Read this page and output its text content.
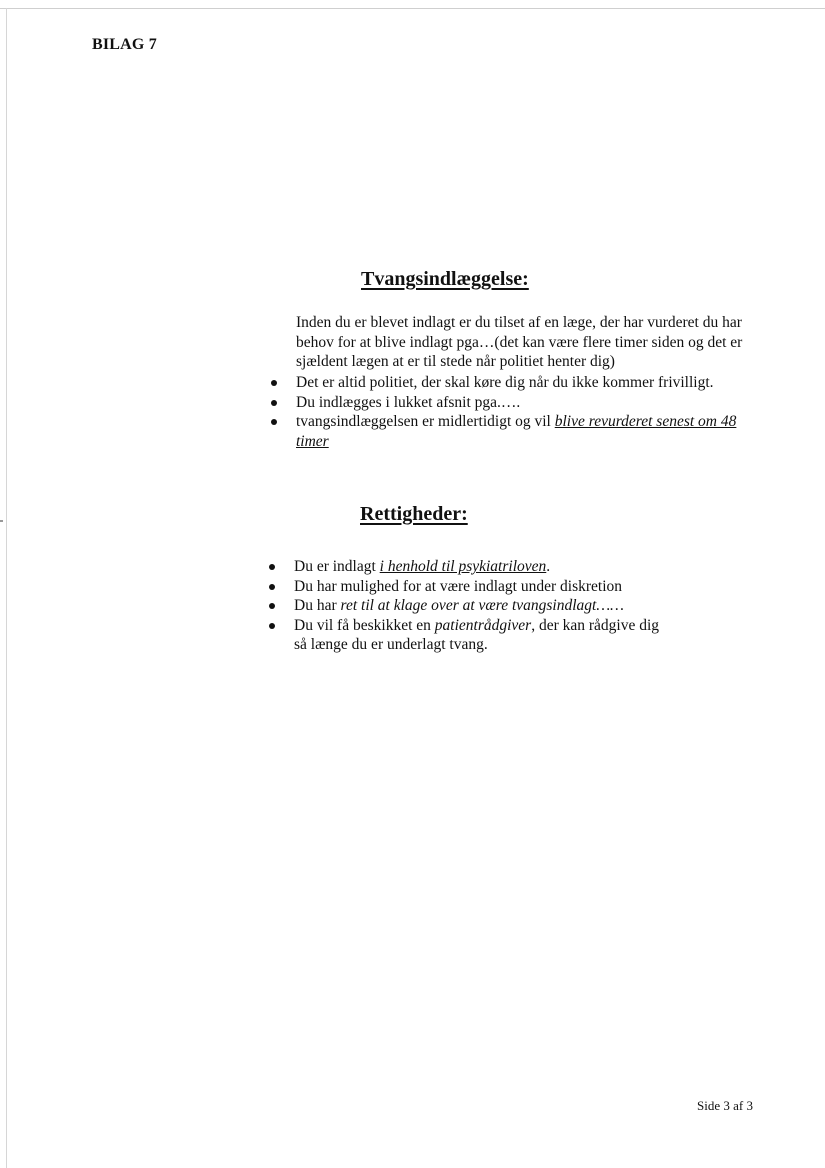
BILAG 7
Tvangsindlæggelse:

Inden du er blevet indlagt er du tilset af en læge, der har vurderet du har behov for at blive indlagt pga…(det kan være flere timer siden og det er sjældent lægen at er til stede når politiet henter dig)

Det er altid politiet, der skal køre dig når du ikke kommer frivilligt.
Du indlægges i lukket afsnit pga.….
tvangsindlæggelsen er midlertidigt og vil blive revurderet senest om 48 timer
Rettigheder:
Du er indlagt i henhold til psykiatriloven.
Du har mulighed for at være indlagt under diskretion
Du har ret til at klage over at være tvangsindlagt……
Du vil få beskikket en patientrådgiver, der kan rådgive dig så længe du er underlagt tvang.
Side 3 af 3
